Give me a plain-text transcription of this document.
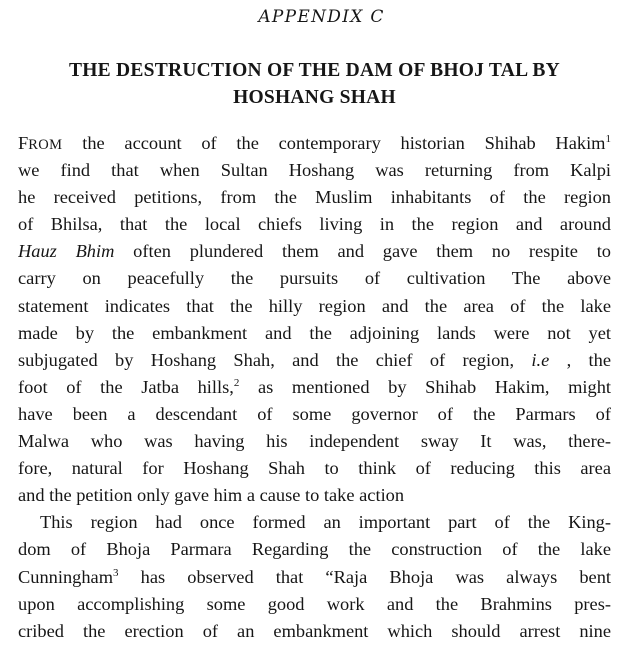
APPENDIX C
THE DESTRUCTION OF THE DAM OF BHOJ TAL BY
HOSHANG SHAH
FROM the account of the contemporary historian Shihab Hakim$^1$
we find that when Sultan Hoshang was returning from Kalpi
he received petitions, from the Muslim inhabitants of the region
of Bhilsa, that the local chiefs living in the region and around
Hauz Bhim often plundered them and gave them no respite to
carry on peacefully the pursuits of cultivation The above
statement indicates that the hilly region and the area of the lake
made by the embankment and the adjoining lands were not yet
subjugated by Hoshang Shah, and the chief of region, i.e , the
foot of the Jatba hills,$^2$ as mentioned by Shihab Hakim, might
have been a descendant of some governor of the Parmars of
Malwa who was having his independent sway It was, there-
fore, natural for Hoshang Shah to think of reducing this area
and the petition only gave him a cause to take action
This region had once formed an important part of the King-
dom of Bhoja Parmara Regarding the construction of the lake
Cunningham$^3$ has observed that “Raja Bhoja was always bent
upon accomplishing some good work and the Brahmins pres-
cribed the erection of an embankment which should arrest nine
